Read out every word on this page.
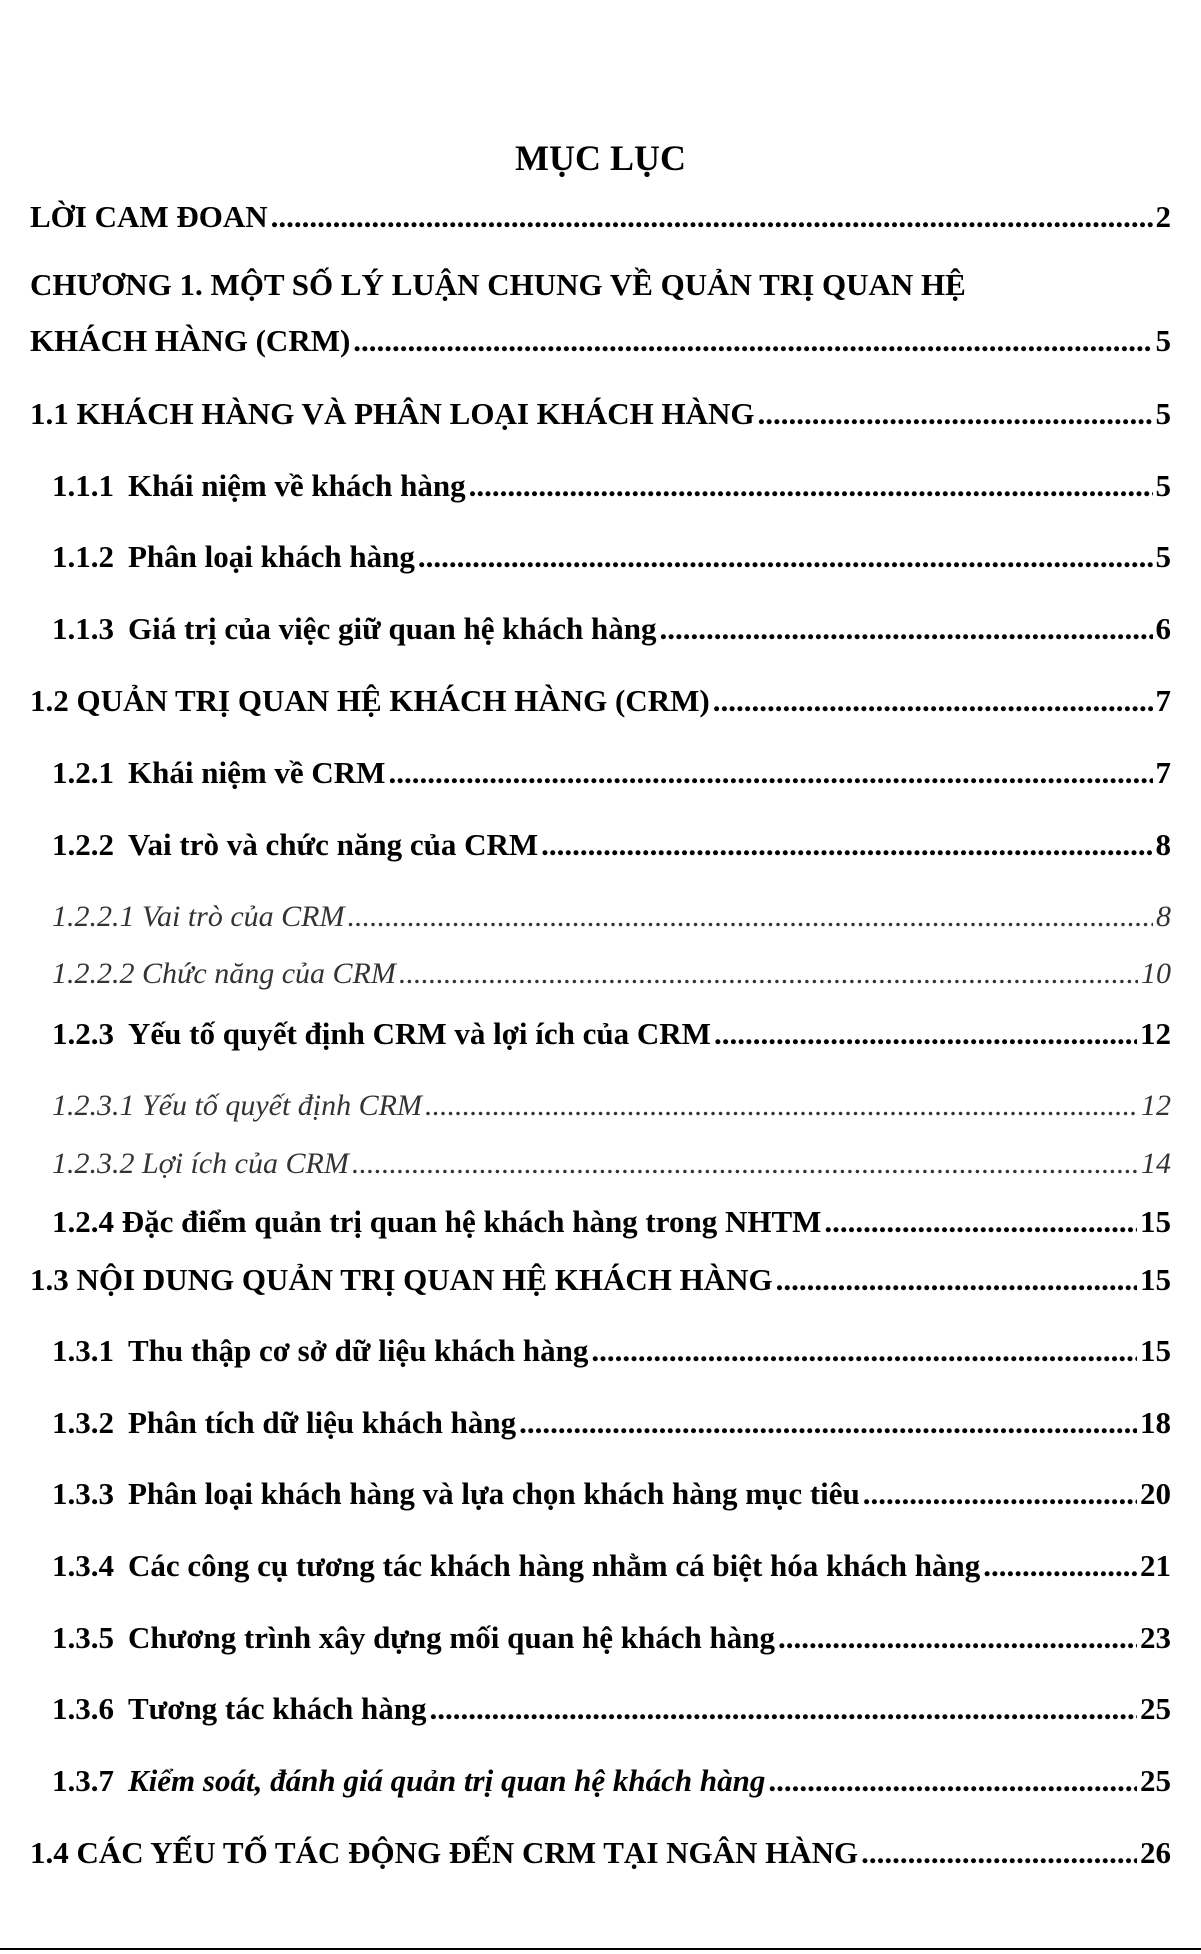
MỤC LỤC
LỜI CAM ĐOAN .....	2
CHƯƠNG 1. MỘT SỐ LÝ LUẬN CHUNG VỀ QUẢN TRỊ QUAN HỆ
KHÁCH HÀNG (CRM) .....	5
1.1 KHÁCH HÀNG VÀ PHÂN LOẠI KHÁCH HÀNG .....	5
1.1.1 Khái niệm về khách hàng .....	5
1.1.2 Phân loại khách hàng .....	5
1.1.3 Giá trị của việc giữ quan hệ khách hàng .....	6
1.2 QUẢN TRỊ QUAN HỆ KHÁCH HÀNG (CRM) .....	7
1.2.1 Khái niệm về CRM .....	7
1.2.2 Vai trò và chức năng của CRM .....	8
1.2.2.1 Vai trò của CRM .....	8
1.2.2.2 Chức năng của CRM .....	10
1.2.3 Yếu tố quyết định CRM và lợi ích của CRM .....	12
1.2.3.1 Yếu tố quyết định CRM .....	12
1.2.3.2 Lợi ích của CRM .....	14
1.2.4 Đặc điểm quản trị quan hệ khách hàng trong NHTM .....	15
1.3 NỘI DUNG QUẢN TRỊ QUAN HỆ KHÁCH HÀNG .....	15
1.3.1 Thu thập cơ sở dữ liệu khách hàng .....	15
1.3.2 Phân tích dữ liệu khách hàng .....	18
1.3.3 Phân loại khách hàng và lựa chọn khách hàng mục tiêu .....	20
1.3.4 Các công cụ tương tác khách hàng nhằm cá biệt hóa khách hàng .....	21
1.3.5 Chương trình xây dựng mối quan hệ khách hàng .....	23
1.3.6 Tương tác khách hàng .....	25
1.3.7 Kiểm soát, đánh giá quản trị quan hệ khách hàng .....	25
1.4 CÁC YẾU TỐ TÁC ĐỘNG ĐẾN CRM TẠI NGÂN HÀNG .....	26
